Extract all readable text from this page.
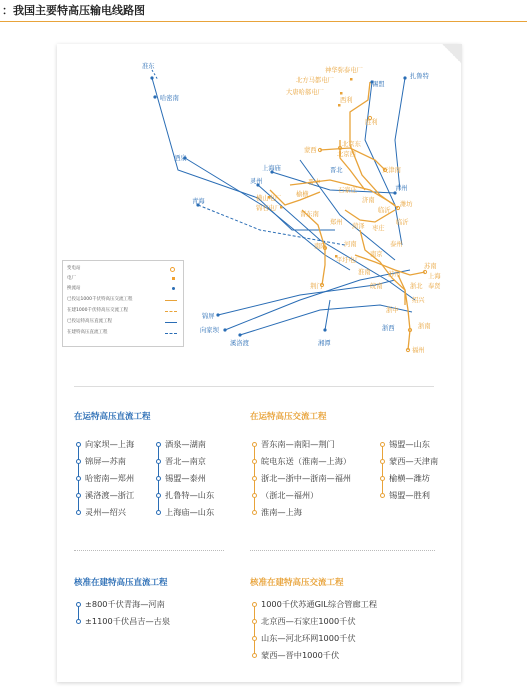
：我国主要特高压输电线路图
准东
哈密南
酒泉
青海
上海庙
灵州
晋北
扎鲁特
锡盟
青州
锦屏
向家坝
溪洛渡	湘潭
浙西
神华弥泰电厂
北方马都电厂
大唐哈郝电厂
西利
胜利
蒙西
北京东
北京西
天津南
晋中
石家庄
榆横
济南
潍坊
临沂
横山电厂
锦石电厂
晋东南
郑州
菏泽 枣庄
临沂
南阳	河南	泰州
南京
平圩电厂
淮南	苏州
苏南
上海
奉贤
皖南	浙北
荆门
绍兴
浙中
浙南
福州
变电站
电厂
换流站
已投运1000千伏特高压交流工程
在建1000千伏特高压交流工程
已投运特高压直流工程
在建特高压直流工程
在运特高压直流工程
向家坝—上海
锦屏—苏南
哈密南—郑州
溪洛渡—浙江
灵州—绍兴
酒泉—湖南
晋北—南京
锡盟—泰州
扎鲁特—山东
上海庙—山东
在运特高压交流工程
晋东南—南阳—荆门
皖电东送（淮南—上海）
浙北—浙中—浙南—福州
（浙北—福州）
淮南—上海
锡盟—山东
蒙西—天津南
榆横—潍坊
锡盟—胜利
核准在建特高压直流工程
±800千伏青海—河南
±1100千伏昌吉—古泉
核准在建特高压交流工程
1000千伏苏通GIL综合管廊工程
北京西—石家庄1000千伏
山东—河北环网1000千伏
蒙西—晋中1000千伏
